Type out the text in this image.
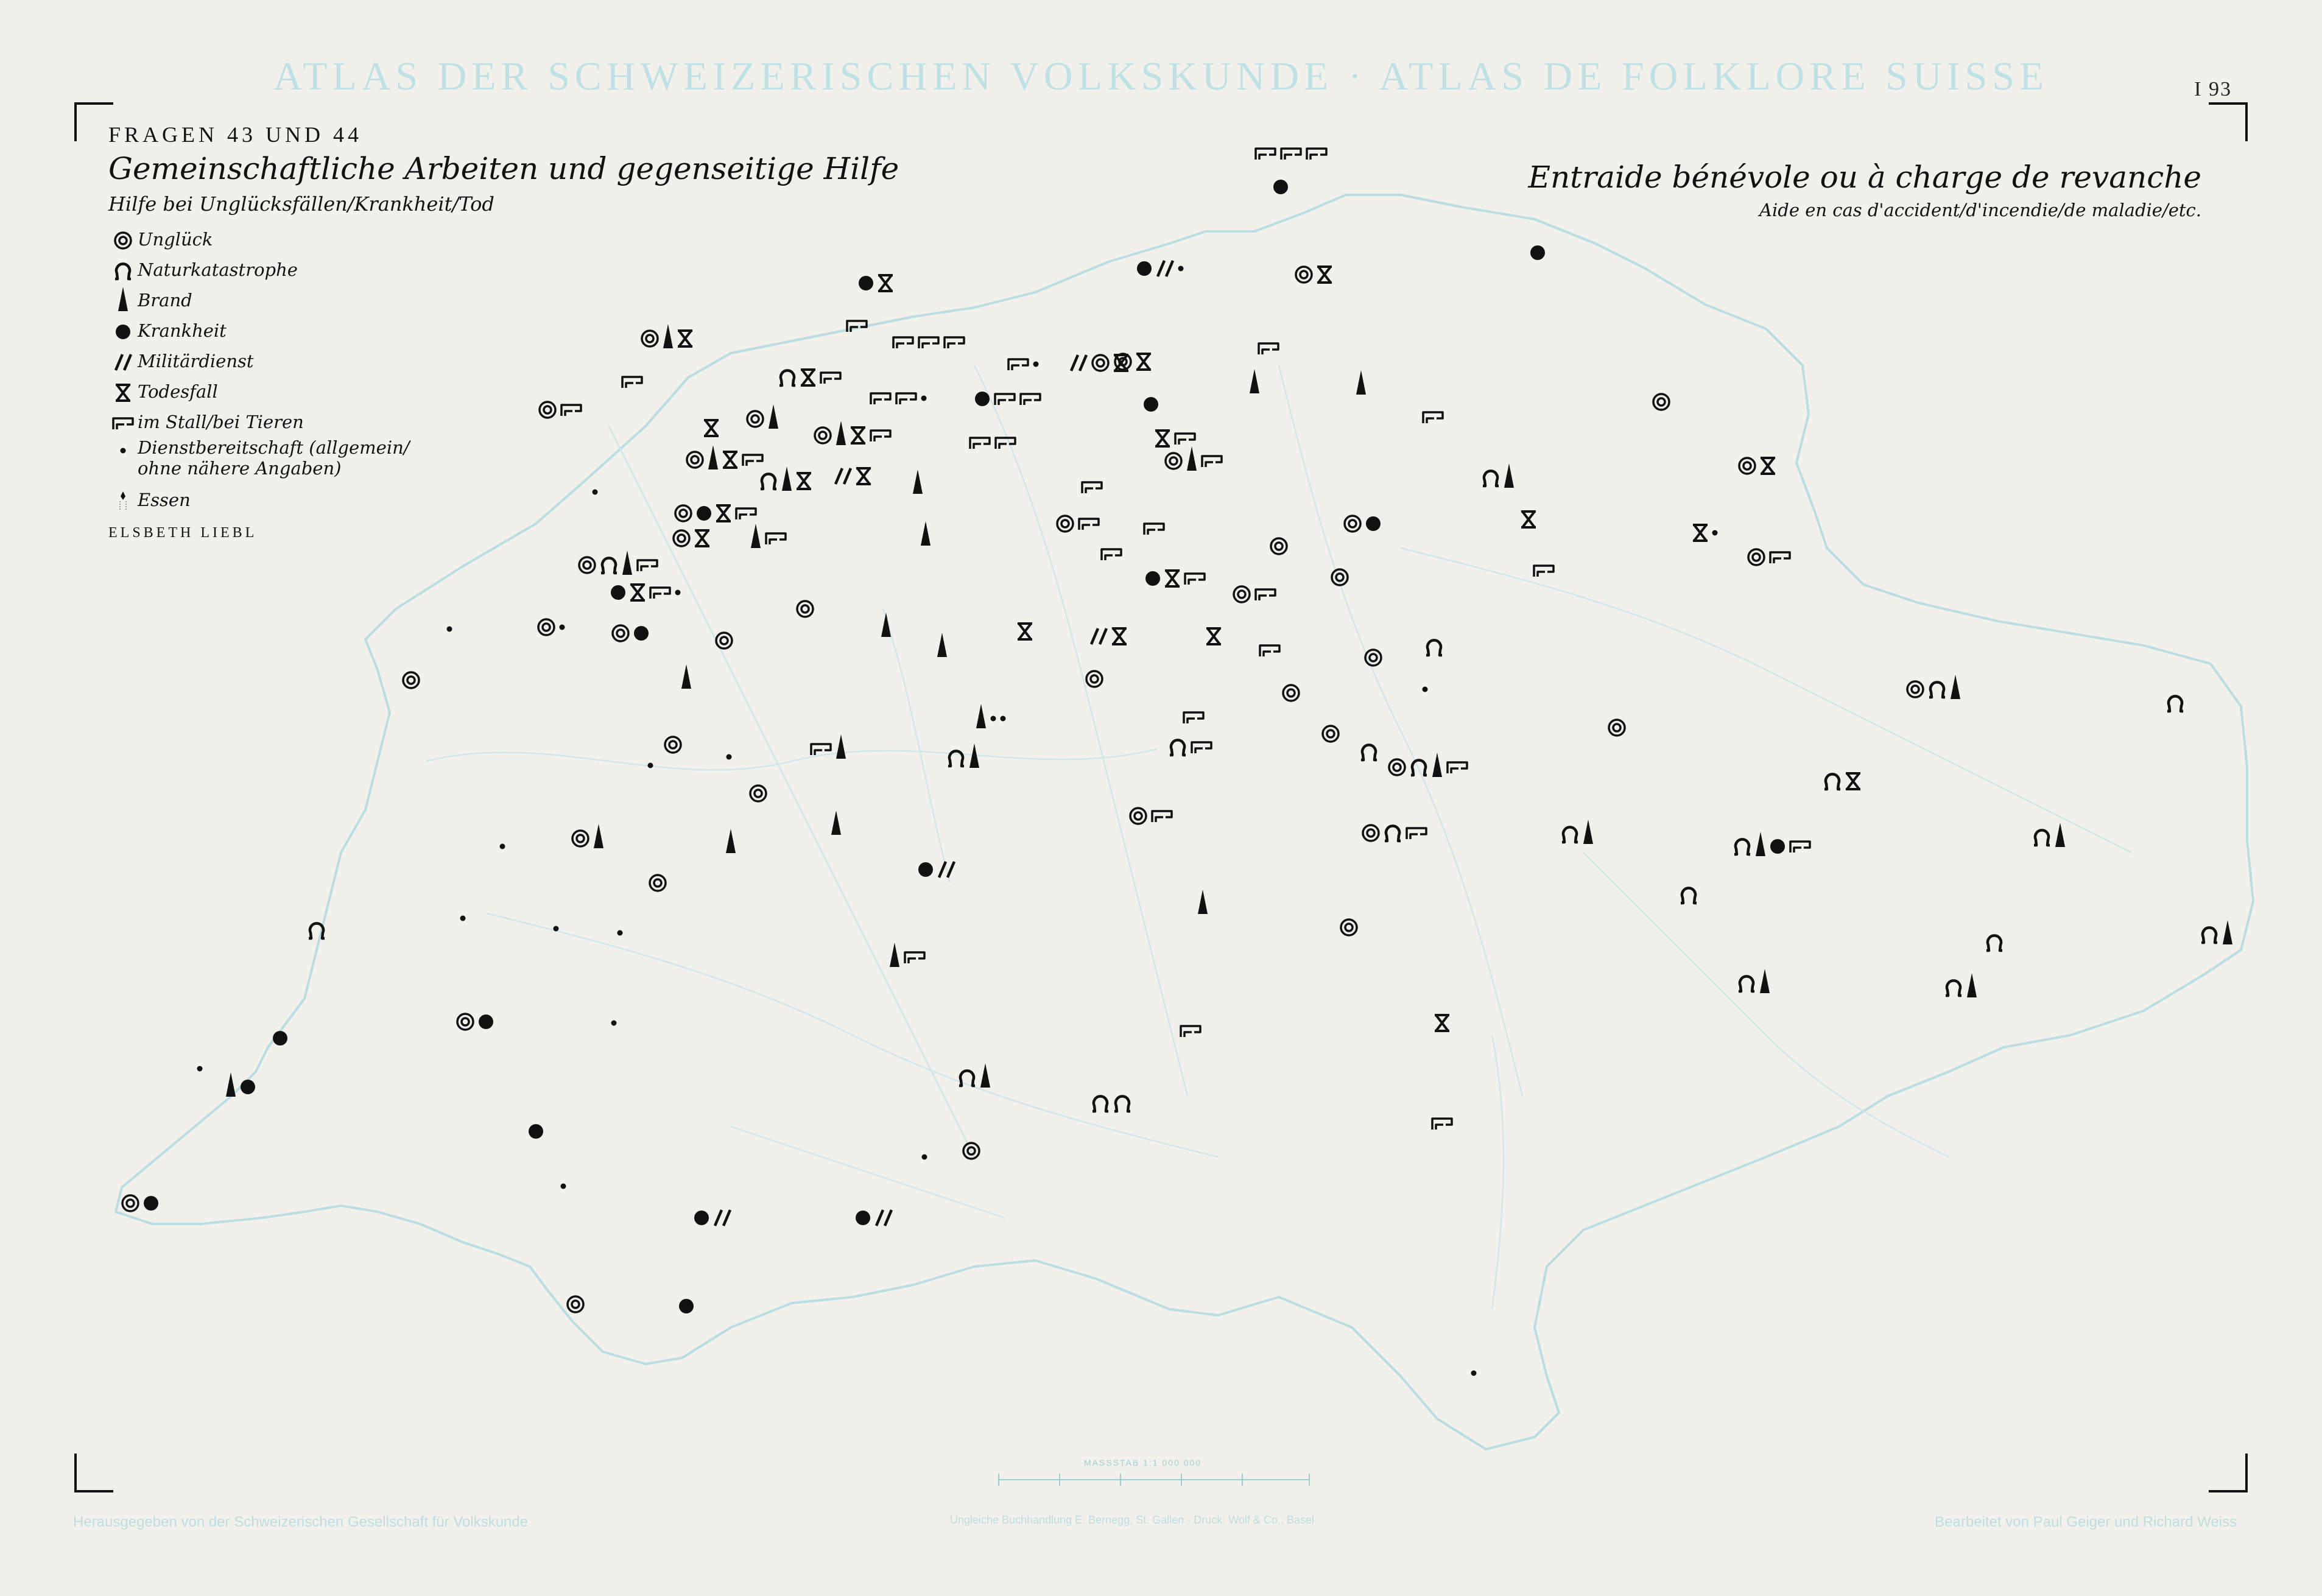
ATLAS DER SCHWEIZERISCHEN VOLKSKUNDE · ATLAS DE FOLKLORE SUISSE	I 93
FRAGEN 43 UND 44
Gemeinschaftliche Arbeiten und gegenseitige Hilfe
Hilfe bei Unglücksfällen/Krankheit/Tod
Unglück
Naturkatastrophe
Brand
Krankheit
Militärdienst
Todesfall
im Stall/bei Tieren
Dienstbereitschaft (allgemein/
ohne nähere Angaben)
Essen
ELSBETH LIEBL
Entraide bénévole ou à charge de revanche
Aide en cas d'accident/d'incendie/de maladie/etc.
MASSSTAB 1:1 000 000
Herausgegeben von der Schweizerischen Gesellschaft für Volkskunde	Ungleiche Buchhandlung E. Bernegg, St. Gallen · Druck: Wolf & Co., Basel	Bearbeitet von Paul Geiger und Richard Weiss
